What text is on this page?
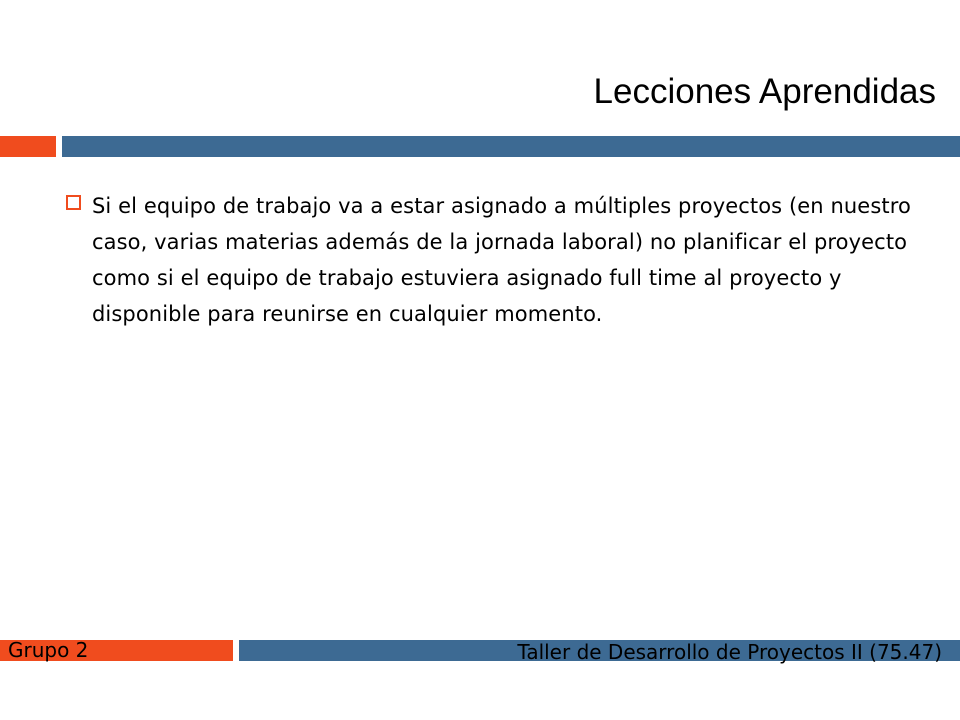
Lecciones Aprendidas
Si el equipo de trabajo va a estar asignado a múltiples proyectos (en nuestro caso, varias materias además de la jornada laboral) no planificar el proyecto como si el equipo de trabajo estuviera asignado full time al proyecto y disponible para reunirse en cualquier momento.
Grupo 2	Taller de Desarrollo de Proyectos II (75.47)
